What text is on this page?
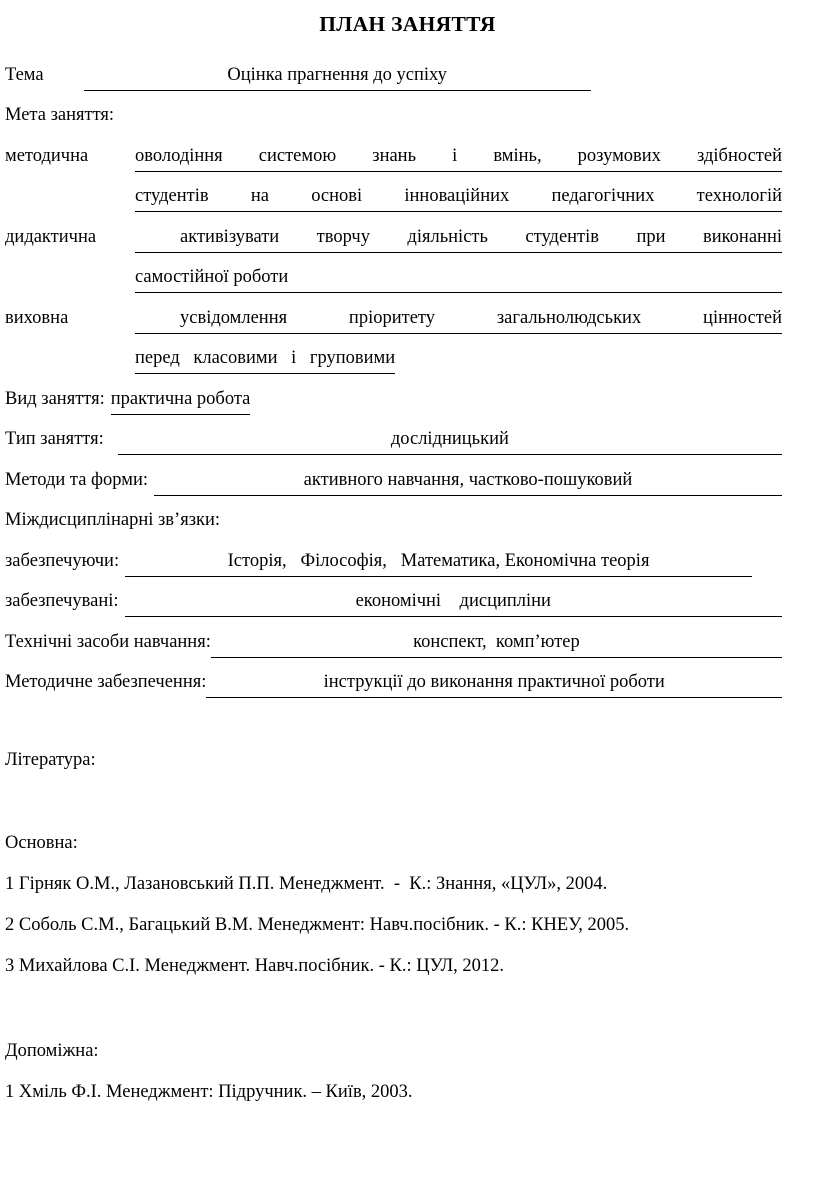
ПЛАН ЗАНЯТТЯ
Тема	Оцінка прагнення до успіху
Мета заняття:
методична	оволодіння системою знань і вмінь, розумових здібностей
студентів на основі інноваційних педагогічних технологій
дидактична	активізувати творчу діяльність студентів при виконанні
самостійної роботи
виховна	усвідомлення пріоритету загальнолюдських цінностей
перед класовими і груповими
Вид заняття: практична робота
Тип заняття:	дослідницький
Методи та форми:	активного навчання, частково-пошуковий
Міждисциплінарні зв’язки:
забезпечуючи:	Історія,   Філософія,   Математика, Економічна теорія
забезпечувані:	економічні    дисципліни
Технічні засоби навчання:	конспект,  комп’ютер
Методичне забезпечення:	інструкції до виконання практичної роботи
Література:
Основна:
1 Гірняк О.М., Лазановський П.П. Менеджмент.  -  К.: Знання, «ЦУЛ», 2004.
2 Соболь С.М., Багацький В.М. Менеджмент: Навч.посібник. - К.: КНЕУ, 2005.
3 Михайлова С.І. Менеджмент. Навч.посібник. - К.: ЦУЛ, 2012.
Допоміжна:
1 Хміль Ф.І. Менеджмент: Підручник. – Київ, 2003.
